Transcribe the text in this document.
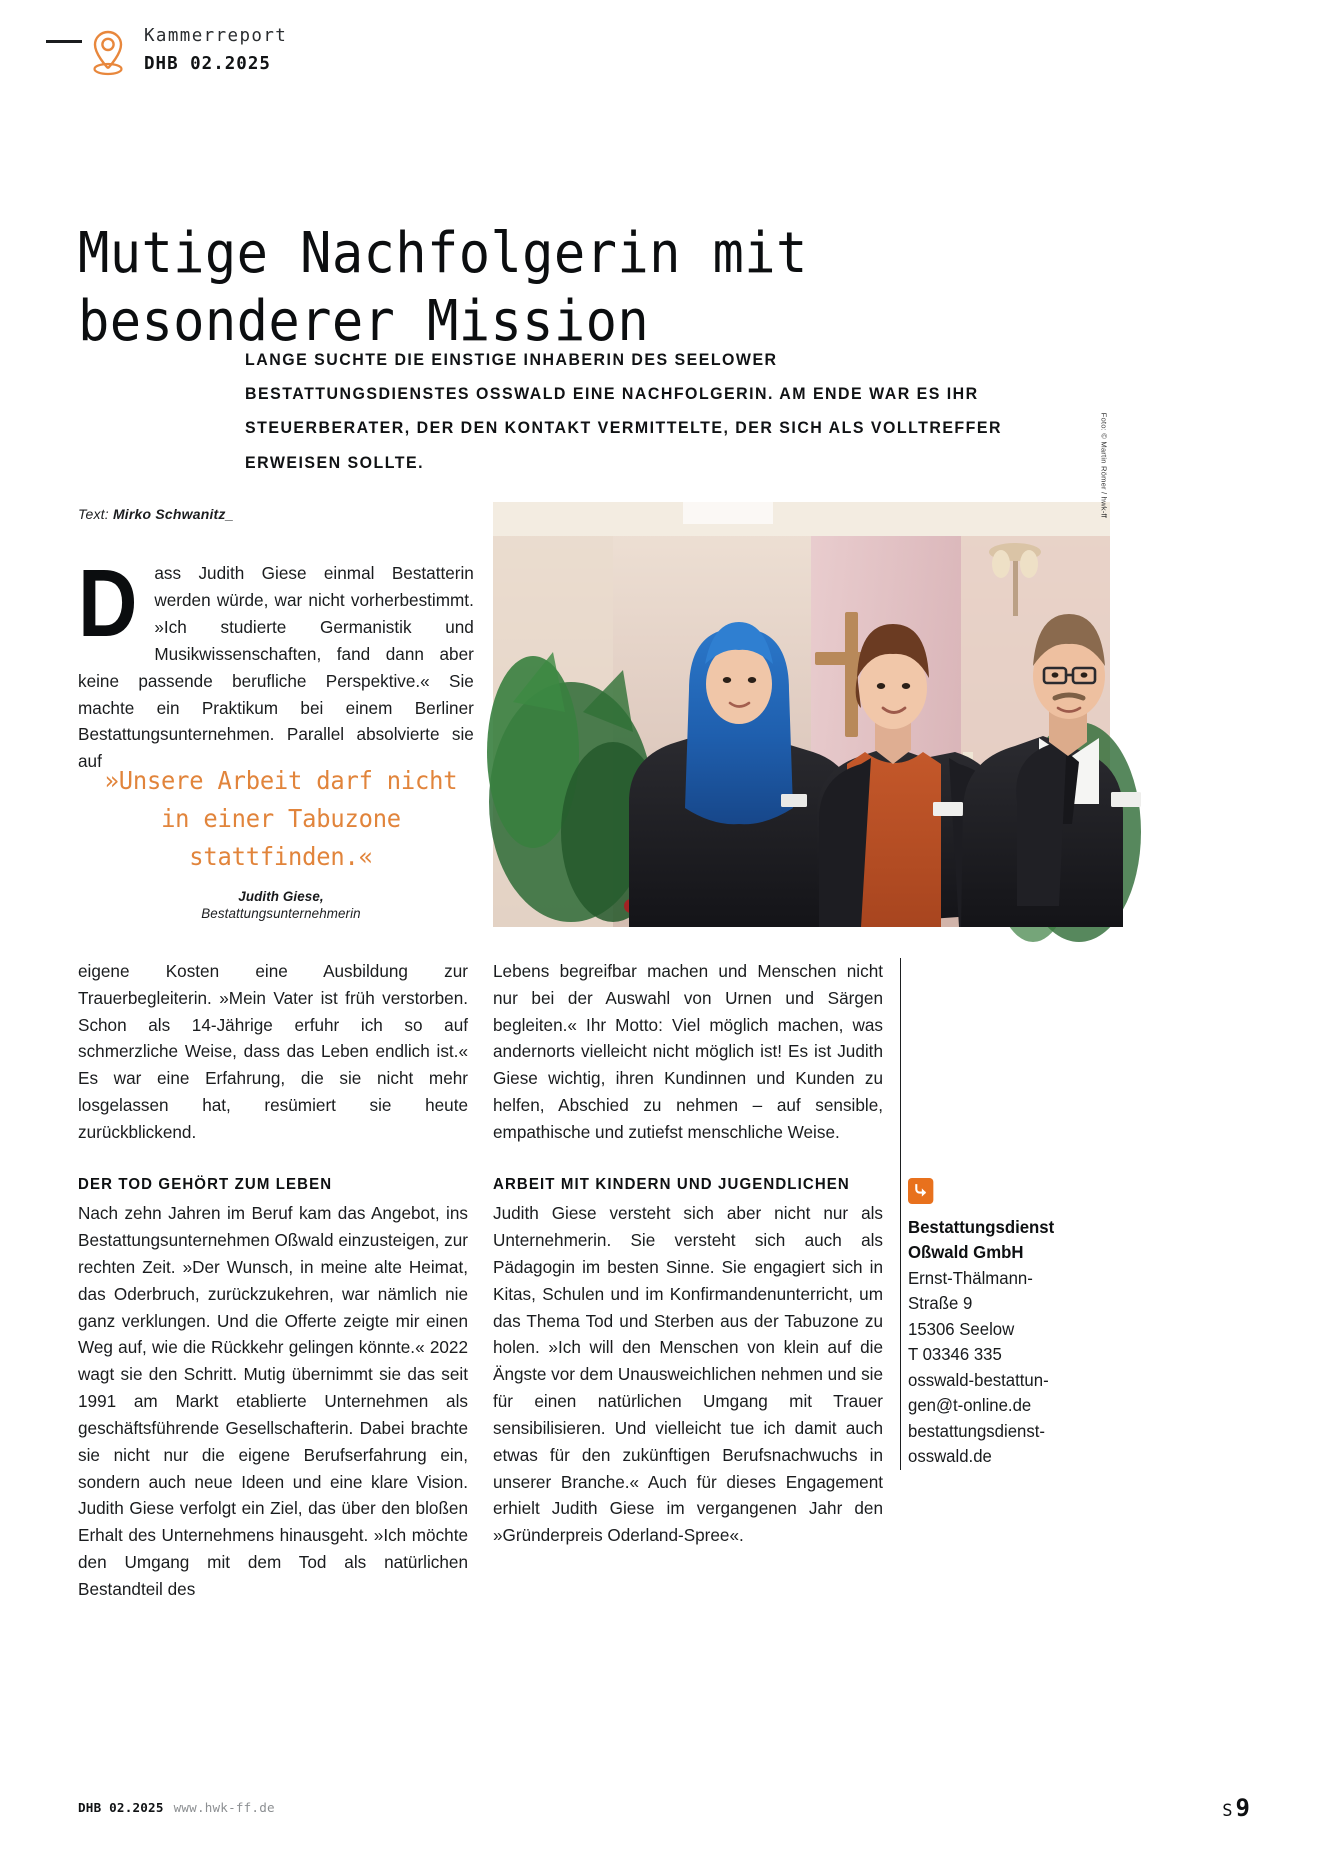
Kammerreport
DHB 02.2025
Mutige Nachfolgerin mit besonderer Mission
LANGE SUCHTE DIE EINSTIGE INHABERIN DES SEELOWER BESTATTUNGSDIENSTES OSSWALD EINE NACHFOLGERIN. AM ENDE WAR ES IHR STEUERBERATER, DER DEN KONTAKT VERMITTELTE, DER SICH ALS VOLLTREFFER ERWEISEN SOLLTE.
Text: Mirko Schwanitz_
Dass Judith Giese einmal Bestatterin werden würde, war nicht vorherbestimmt. »Ich studierte Germanistik und Musikwissenschaften, fand dann aber keine passende berufliche Perspektive.« Sie machte ein Praktikum bei einem Berliner Bestattungsunternehmen. Parallel absolvierte sie auf
»Unsere Arbeit darf nicht in einer Tabuzone stattfinden.«
Judith Giese,
Bestattungsunternehmerin
Foto: © Martin Römer / hwk-ff

eigene Kosten eine Ausbildung zur Trauerbegleiterin. »Mein Vater ist früh verstorben. Schon als 14-Jährige erfuhr ich so auf schmerzliche Weise, dass das Leben endlich ist.« Es war eine Erfahrung, die sie nicht mehr losgelassen hat, resümiert sie heute zurückblickend.

DER TOD GEHÖRT ZUM LEBEN

Nach zehn Jahren im Beruf kam das Angebot, ins Bestattungsunternehmen Oßwald einzusteigen, zur rechten Zeit. »Der Wunsch, in meine alte Heimat, das Oderbruch, zurückzukehren, war nämlich nie ganz verklungen. Und die Offerte zeigte mir einen Weg auf, wie die Rückkehr gelingen könnte.« 2022 wagt sie den Schritt. Mutig übernimmt sie das seit 1991 am Markt etablierte Unternehmen als geschäftsführende Gesellschafterin. Dabei brachte sie nicht nur die eigene Berufserfahrung ein, sondern auch neue Ideen und eine klare Vision. Judith Giese verfolgt ein Ziel, das über den bloßen Erhalt des Unternehmens hinausgeht. »Ich möchte den Umgang mit dem Tod als natürlichen Bestandteil des

Lebens begreifbar machen und Menschen nicht nur bei der Auswahl von Urnen und Särgen begleiten.« Ihr Motto: Viel möglich machen, was andernorts vielleicht nicht möglich ist! Es ist Judith Giese wichtig, ihren Kundinnen und Kunden zu helfen, Abschied zu nehmen – auf sensible, empathische und zutiefst menschliche Weise.

ARBEIT MIT KINDERN UND JUGENDLICHEN

Judith Giese versteht sich aber nicht nur als Unternehmerin. Sie versteht sich auch als Pädagogin im besten Sinne. Sie engagiert sich in Kitas, Schulen und im Konfirmandenunterricht, um das Thema Tod und Sterben aus der Tabuzone zu holen. »Ich will den Menschen von klein auf die Ängste vor dem Unausweichlichen nehmen und sie für einen natürlichen Umgang mit Trauer sensibilisieren. Und vielleicht tue ich damit auch etwas für den zukünftigen Berufsnachwuchs in unserer Branche.« Auch für dieses Engagement erhielt Judith Giese im vergangenen Jahr den »Gründerpreis Oderland-Spree«.

Bestattungsdienst
Oßwald GmbH
Ernst-Thälmann-
Straße 9
15306 Seelow
T 03346 335
osswald-bestattun-
gen@t-online.de
bestattungsdienst-
osswald.de
DHB 02.2025 www.hwk-ff.de	S 9
